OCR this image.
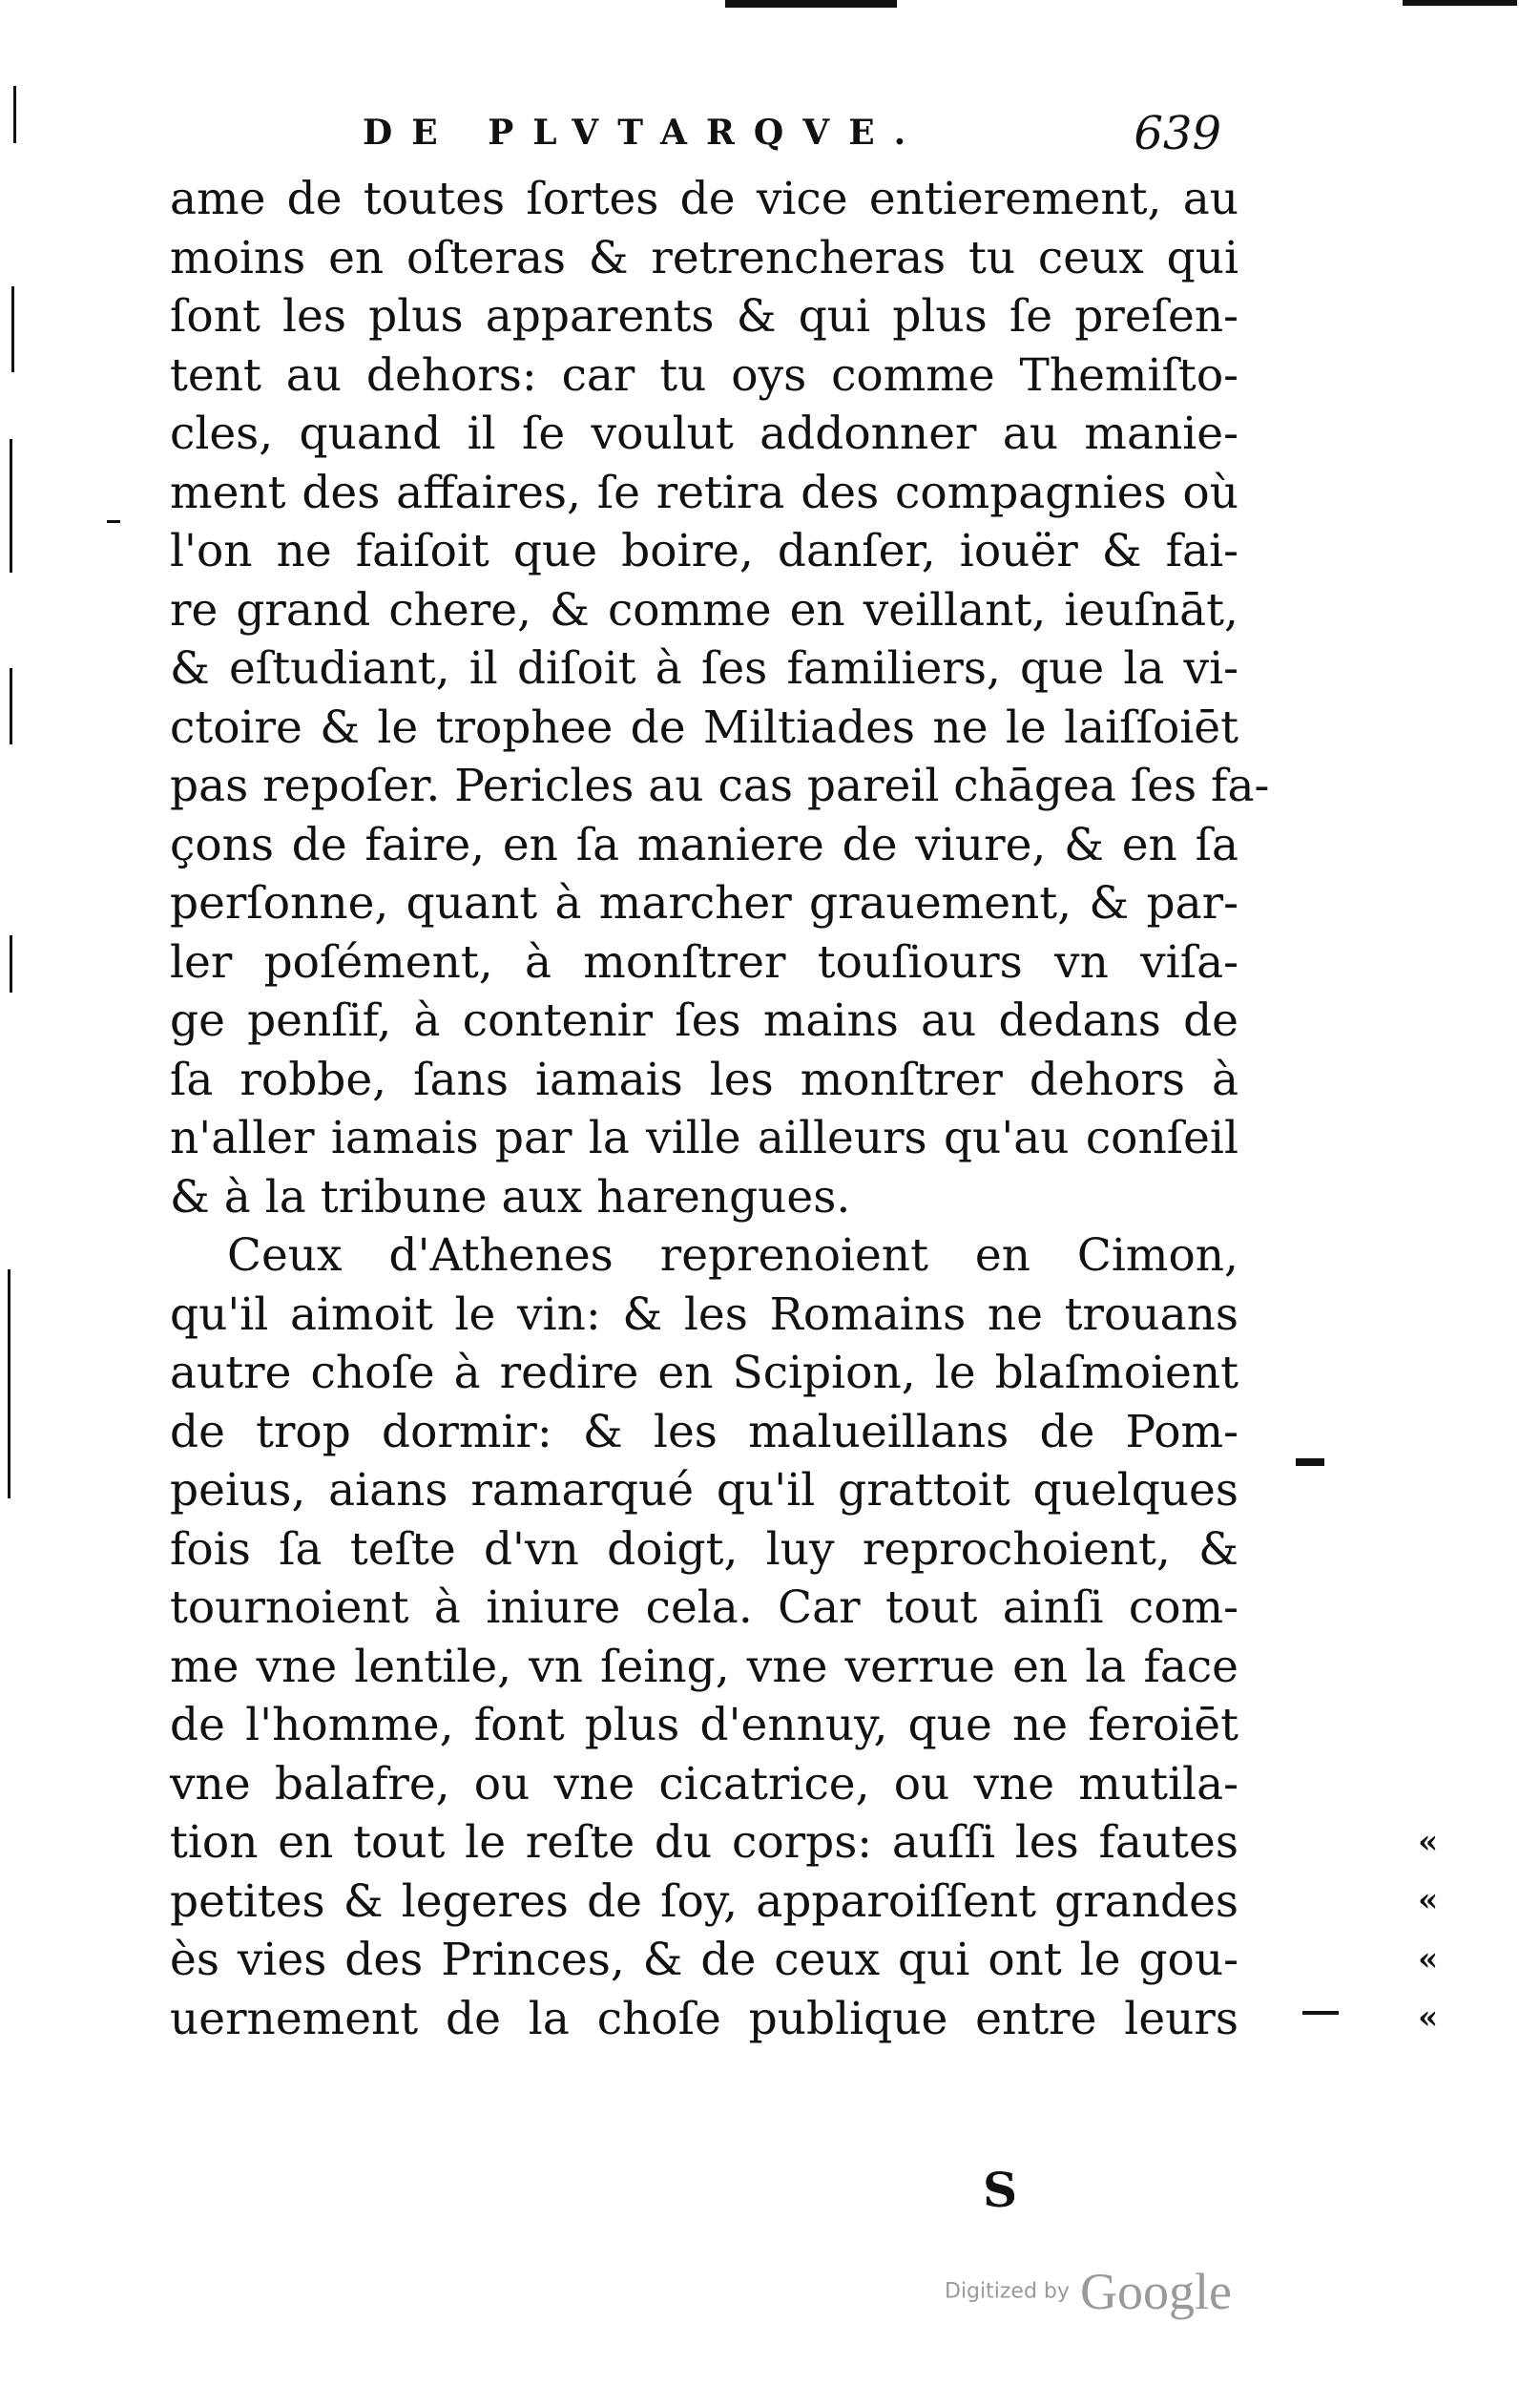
DE PLVTARQVE.	639
ame de toutes ſortes de vice entierement, au
moins en oſteras & retrencheras tu ceux qui
ſont les plus apparents & qui plus ſe preſen-
tent au dehors: car tu oys comme Themiſto-
cles, quand il ſe voulut addonner au manie-
ment des affaires, ſe retira des compagnies où
l'on ne faiſoit que boire, danſer, iouër & fai-
re grand chere, & comme en veillant, ieuſnāt,
& eſtudiant, il diſoit à ſes familiers, que la vi-
ctoire & le trophee de Miltiades ne le laiſſoiēt
pas repoſer. Pericles au cas pareil chāgea ſes fa-
çons de faire, en ſa maniere de viure, & en ſa
perſonne, quant à marcher grauement, & par-
ler poſément, à monſtrer touſiours vn viſa-
ge penſif, à contenir ſes mains au dedans de
ſa robbe, ſans iamais les monſtrer dehors à
n'aller iamais par la ville ailleurs qu'au conſeil
& à la tribune aux harengues.
Ceux d'Athenes reprenoient en Cimon,
qu'il aimoit le vin: & les Romains ne trouans
autre choſe à redire en Scipion, le blaſmoient
de trop dormir: & les malueillans de Pom-
peius, aians ramarqué qu'il grattoit quelques
fois ſa teſte d'vn doigt, luy reprochoient, &
tournoient à iniure cela. Car tout ainſi com-
me vne lentile, vn ſeing, vne verrue en la face
de l'homme, font plus d'ennuy, que ne feroiēt
vne balafre, ou vne cicatrice, ou vne mutila-
tion en tout le reſte du corps: auſſi les fautes
petites & legeres de ſoy, apparoiſſent grandes
ès vies des Princes, & de ceux qui ont le gou-
uernement de la choſe publique entre leurs
«
«
«
«
S
Digitized by Google
